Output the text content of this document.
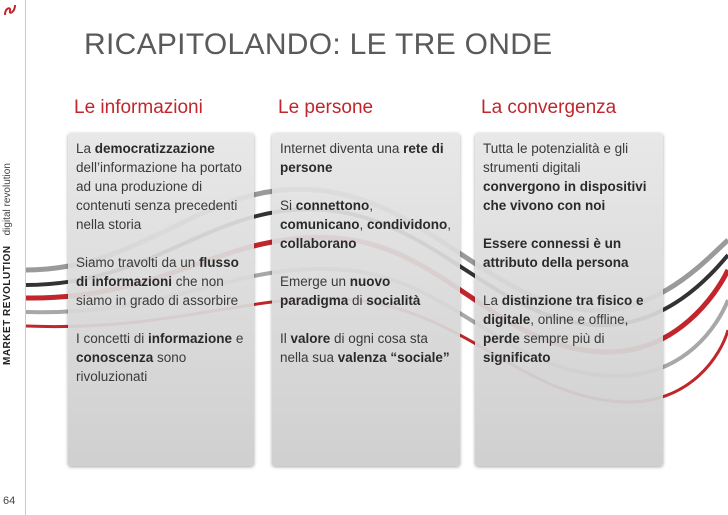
MARKET REVOLUTIONdigital revolution
64
RICAPITOLANDO: LE TRE ONDE
Le informazioni	Le persone	La convergenza

La democratizzazione dell’informazione ha portato ad una produzione di contenuti senza precedenti nella storia

Siamo travolti da un flusso di informazioni che non siamo in grado di assorbire

I concetti di informazione e conoscenza sono rivoluzionati

Internet diventa una rete di persone

Si connettono, comunicano, condividono, collaborano

Emerge un nuovo paradigma di socialità

Il valore di ogni cosa sta nella sua valenza “sociale”

Tutta le potenzialità e gli strumenti digitali convergono in dispositivi che vivono con noi

Essere connessi è un attributo della persona

La distinzione tra fisico e digitale, online e offline, perde sempre più di significato
